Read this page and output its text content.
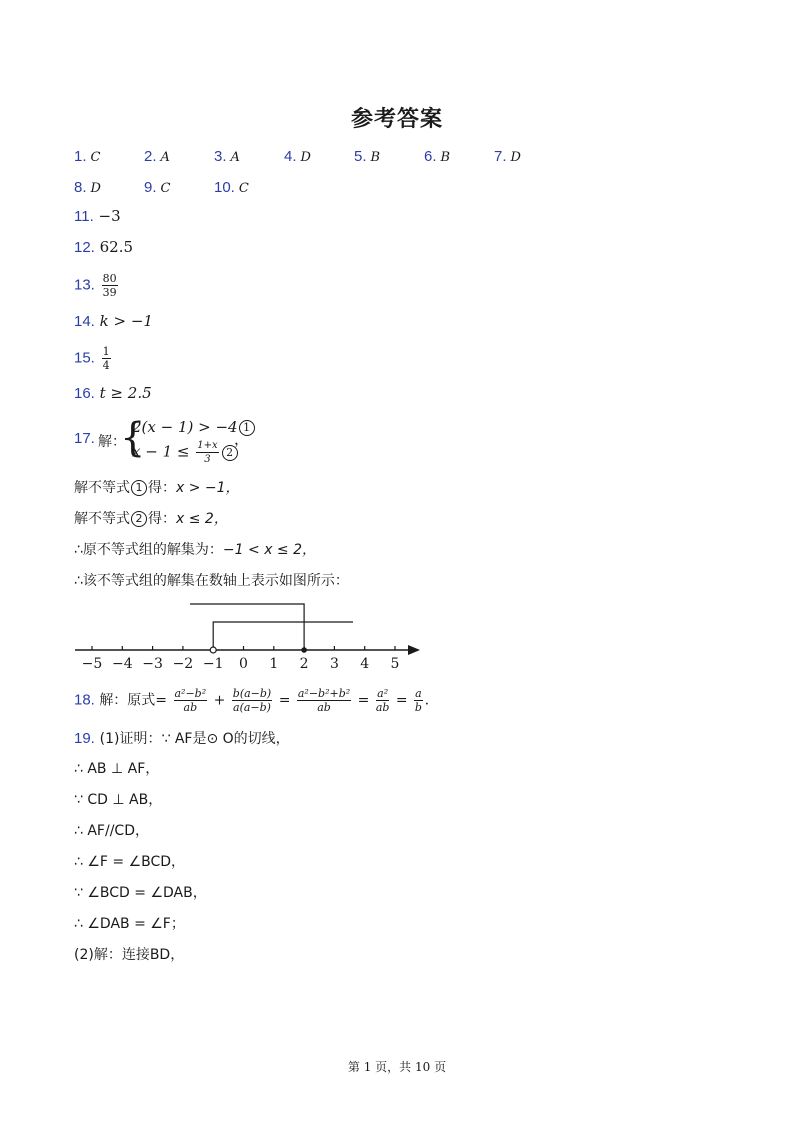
参考答案
11. −3
12. 62.5
13. $\frac{80}{39}$
14. k > −1
15. $\frac{1}{4}$
16. t ≥ 2.5
17. 解：
{
2(x − 1) > −4 1
$x - 1 \le \frac{1+x}{3} 2$
，
解不等式 1 得：x > −1，
解不等式 2 得：x ≤ 2，
∴原不等式组的解集为：−1 < x ≤ 2，
∴该不等式组的解集在数轴上表示如图所示：
−5 −4 −3 −2 −1 0 1 2 3 4 5
18. 解：原式= $\frac{\text{a²−b²}}{ab} + \frac{b(a-b)}{a(a-b)} = \frac{\text{a²−b²+b²}}{ab} = \frac{\text{a²}}{ab} = \frac{a}{b}$ .
19. (1)证明：∵ AF是⊙ O的切线，
∴ AB ⊥ AF，
∵ CD ⊥ AB，
∴ AF//CD，
∴ ∠F = ∠BCD，
∵ ∠BCD = ∠DAB，
∴ ∠DAB = ∠F；
(2)解：连接BD，
第 1 页，共 10 页
1. C	2. A	3. A	4. D	5. B	6. B	7. D
8. D	9. C	10. C
